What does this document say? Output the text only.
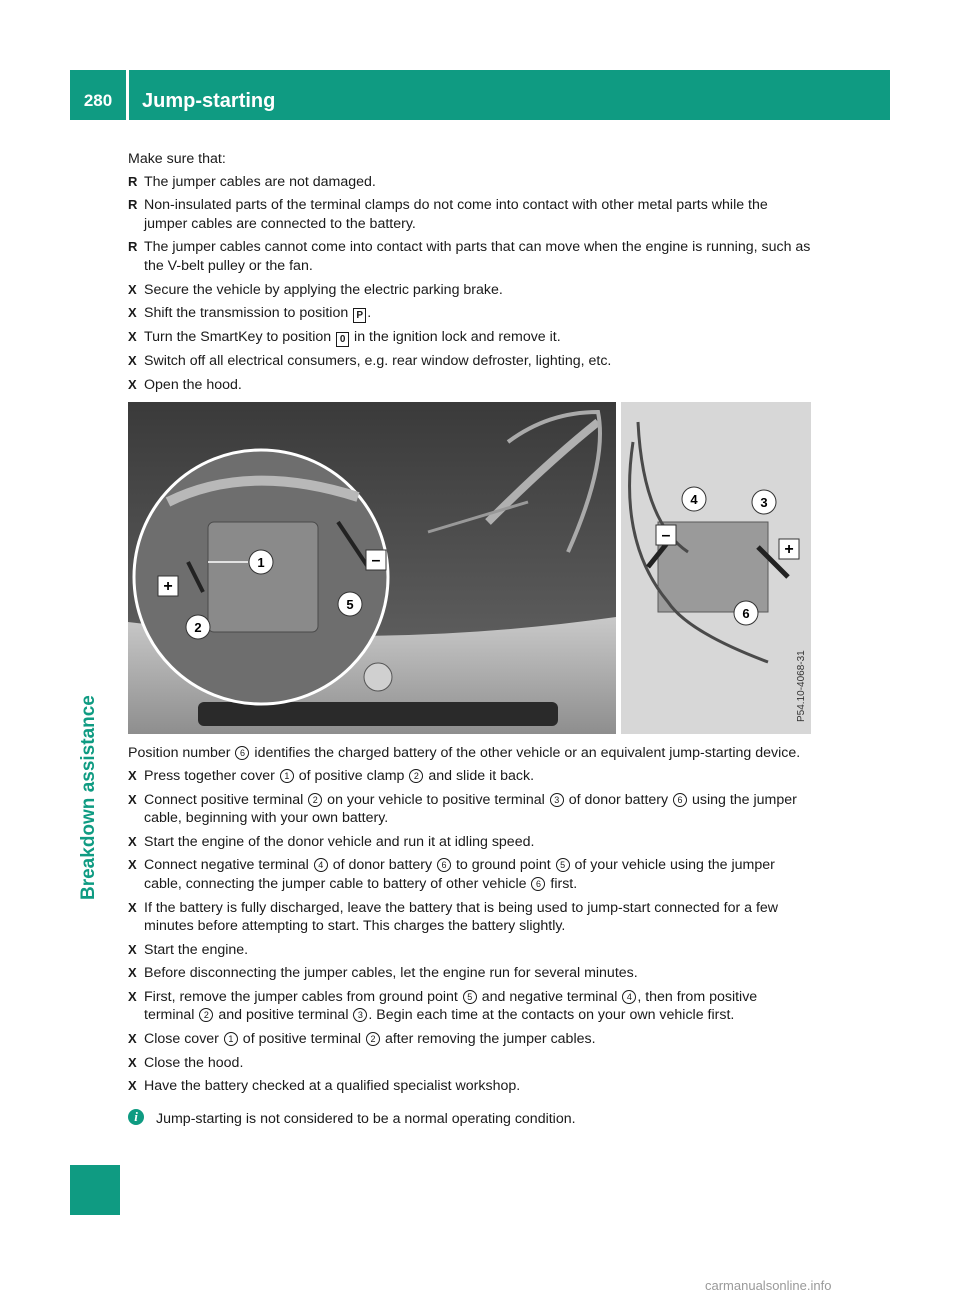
280	Jump-starting
Breakdown assistance

Make sure that:

R The jumper cables are not damaged.
R Non-insulated parts of the terminal clamps do not come into contact with other metal parts while the jumper cables are connected to the battery.
R The jumper cables cannot come into contact with parts that can move when the engine is running, such as the V-belt pulley or the fan.
X Secure the vehicle by applying the electric parking brake.
X Shift the transmission to position P .
X Turn the SmartKey to position 0 in the ignition lock and remove it.
X Switch off all electrical consumers, e.g. rear window defroster, lighting, etc.
X Open the hood.
+
–
–
+
1
2
3
4
5
6
P54.10-4068-31

Position number 6 identifies the charged battery of the other vehicle or an equivalent jump-starting device.

X Press together cover 1 of positive clamp 2 and slide it back.
X Connect positive terminal 2 on your vehicle to positive terminal 3 of donor battery 6 using the jumper cable, beginning with your own battery.
X Start the engine of the donor vehicle and run it at idling speed.
X Connect negative terminal 4 of donor battery 6 to ground point 5 of your vehicle using the jumper cable, connecting the jumper cable to battery of other vehicle 6 first.
X If the battery is fully discharged, leave the battery that is being used to jump-start connected for a few minutes before attempting to start. This charges the battery slightly.
X Start the engine.
X Before disconnecting the jumper cables, let the engine run for several minutes.
X First, remove the jumper cables from ground point 5 and negative terminal 4 , then from positive terminal 2 and positive terminal 3 . Begin each time at the contacts on your own vehicle first.
X Close cover 1 of positive terminal 2 after removing the jumper cables.
X Close the hood.
X Have the battery checked at a qualified specialist workshop.
i	Jump-starting is not considered to be a normal operating condition.
carmanualsonline.info
